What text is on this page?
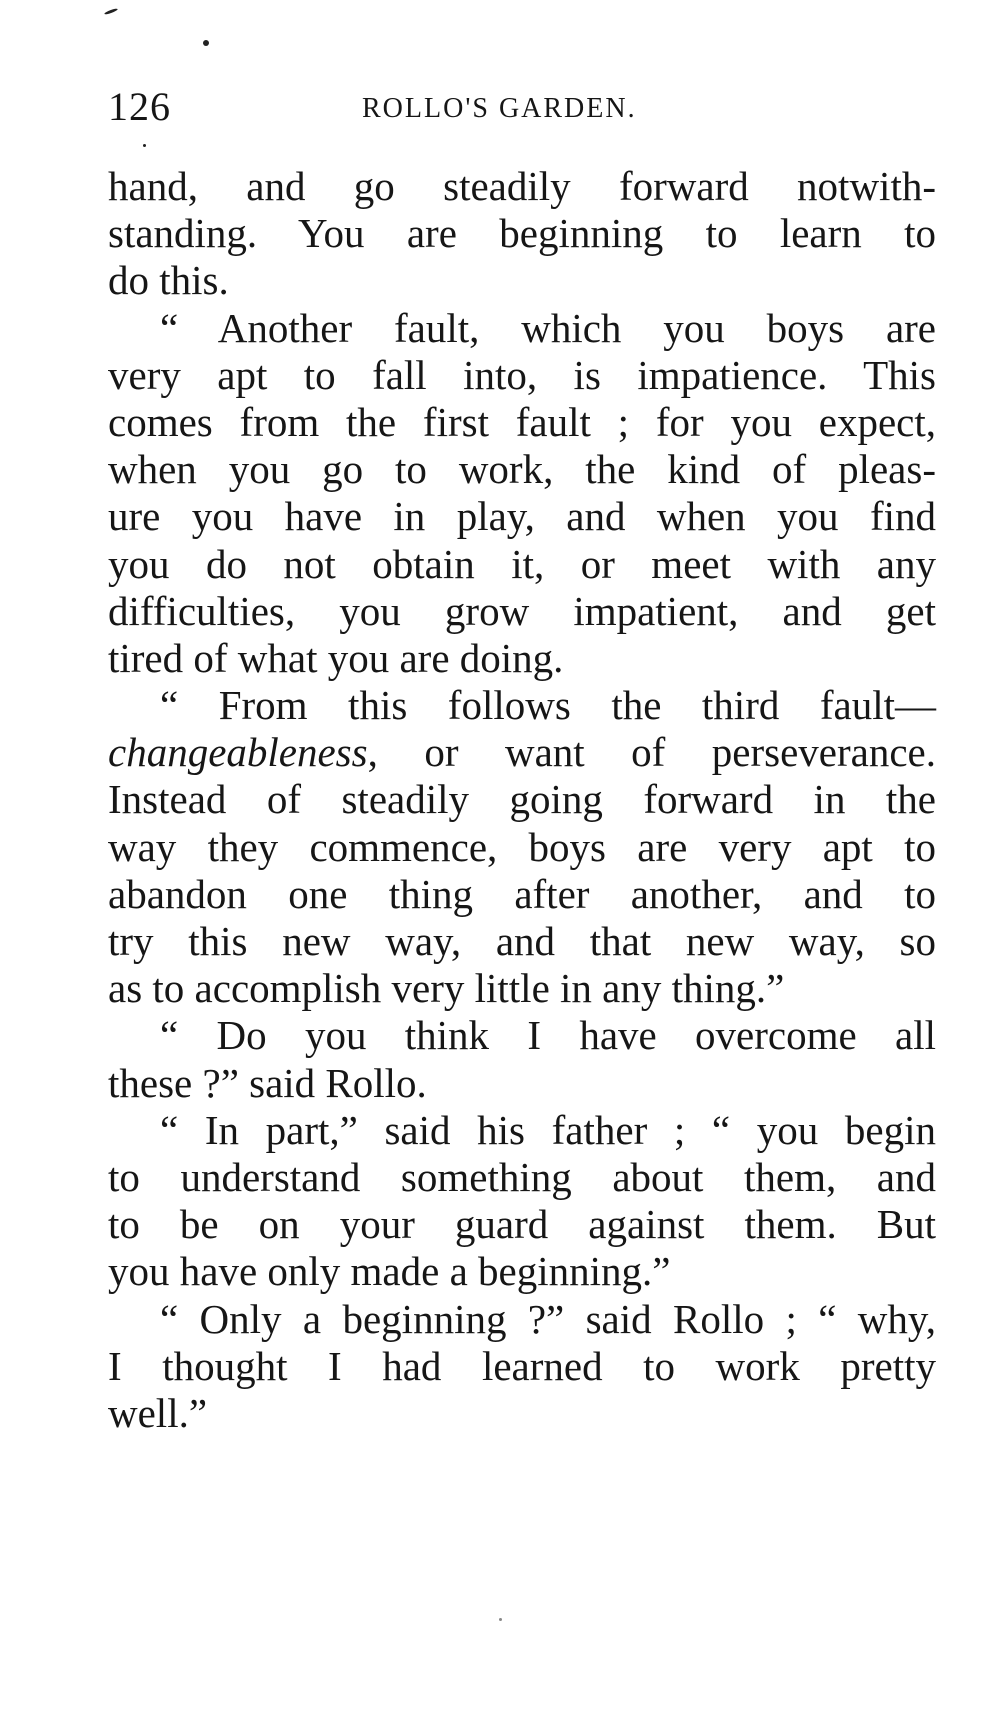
126	ROLLO'S GARDEN.
hand, and go steadily forward notwith-
standing. You are beginning to learn to
do this.
“ Another fault, which you boys are
very apt to fall into, is impatience. This
comes from the first fault ; for you expect,
when you go to work, the kind of pleas-
ure you have in play, and when you find
you do not obtain it, or meet with any
difficulties, you grow impatient, and get
tired of what you are doing.
“ From this follows the third fault—
changeableness, or want of perseverance.
Instead of steadily going forward in the
way they commence, boys are very apt to
abandon one thing after another, and to
try this new way, and that new way, so
as to accomplish very little in any thing.”
“ Do you think I have overcome all
these ?” said Rollo.
“ In part,” said his father ; “ you begin
to understand something about them, and
to be on your guard against them. But
you have only made a beginning.”
“ Only a beginning ?” said Rollo ; “ why,
I thought I had learned to work pretty
well.”
